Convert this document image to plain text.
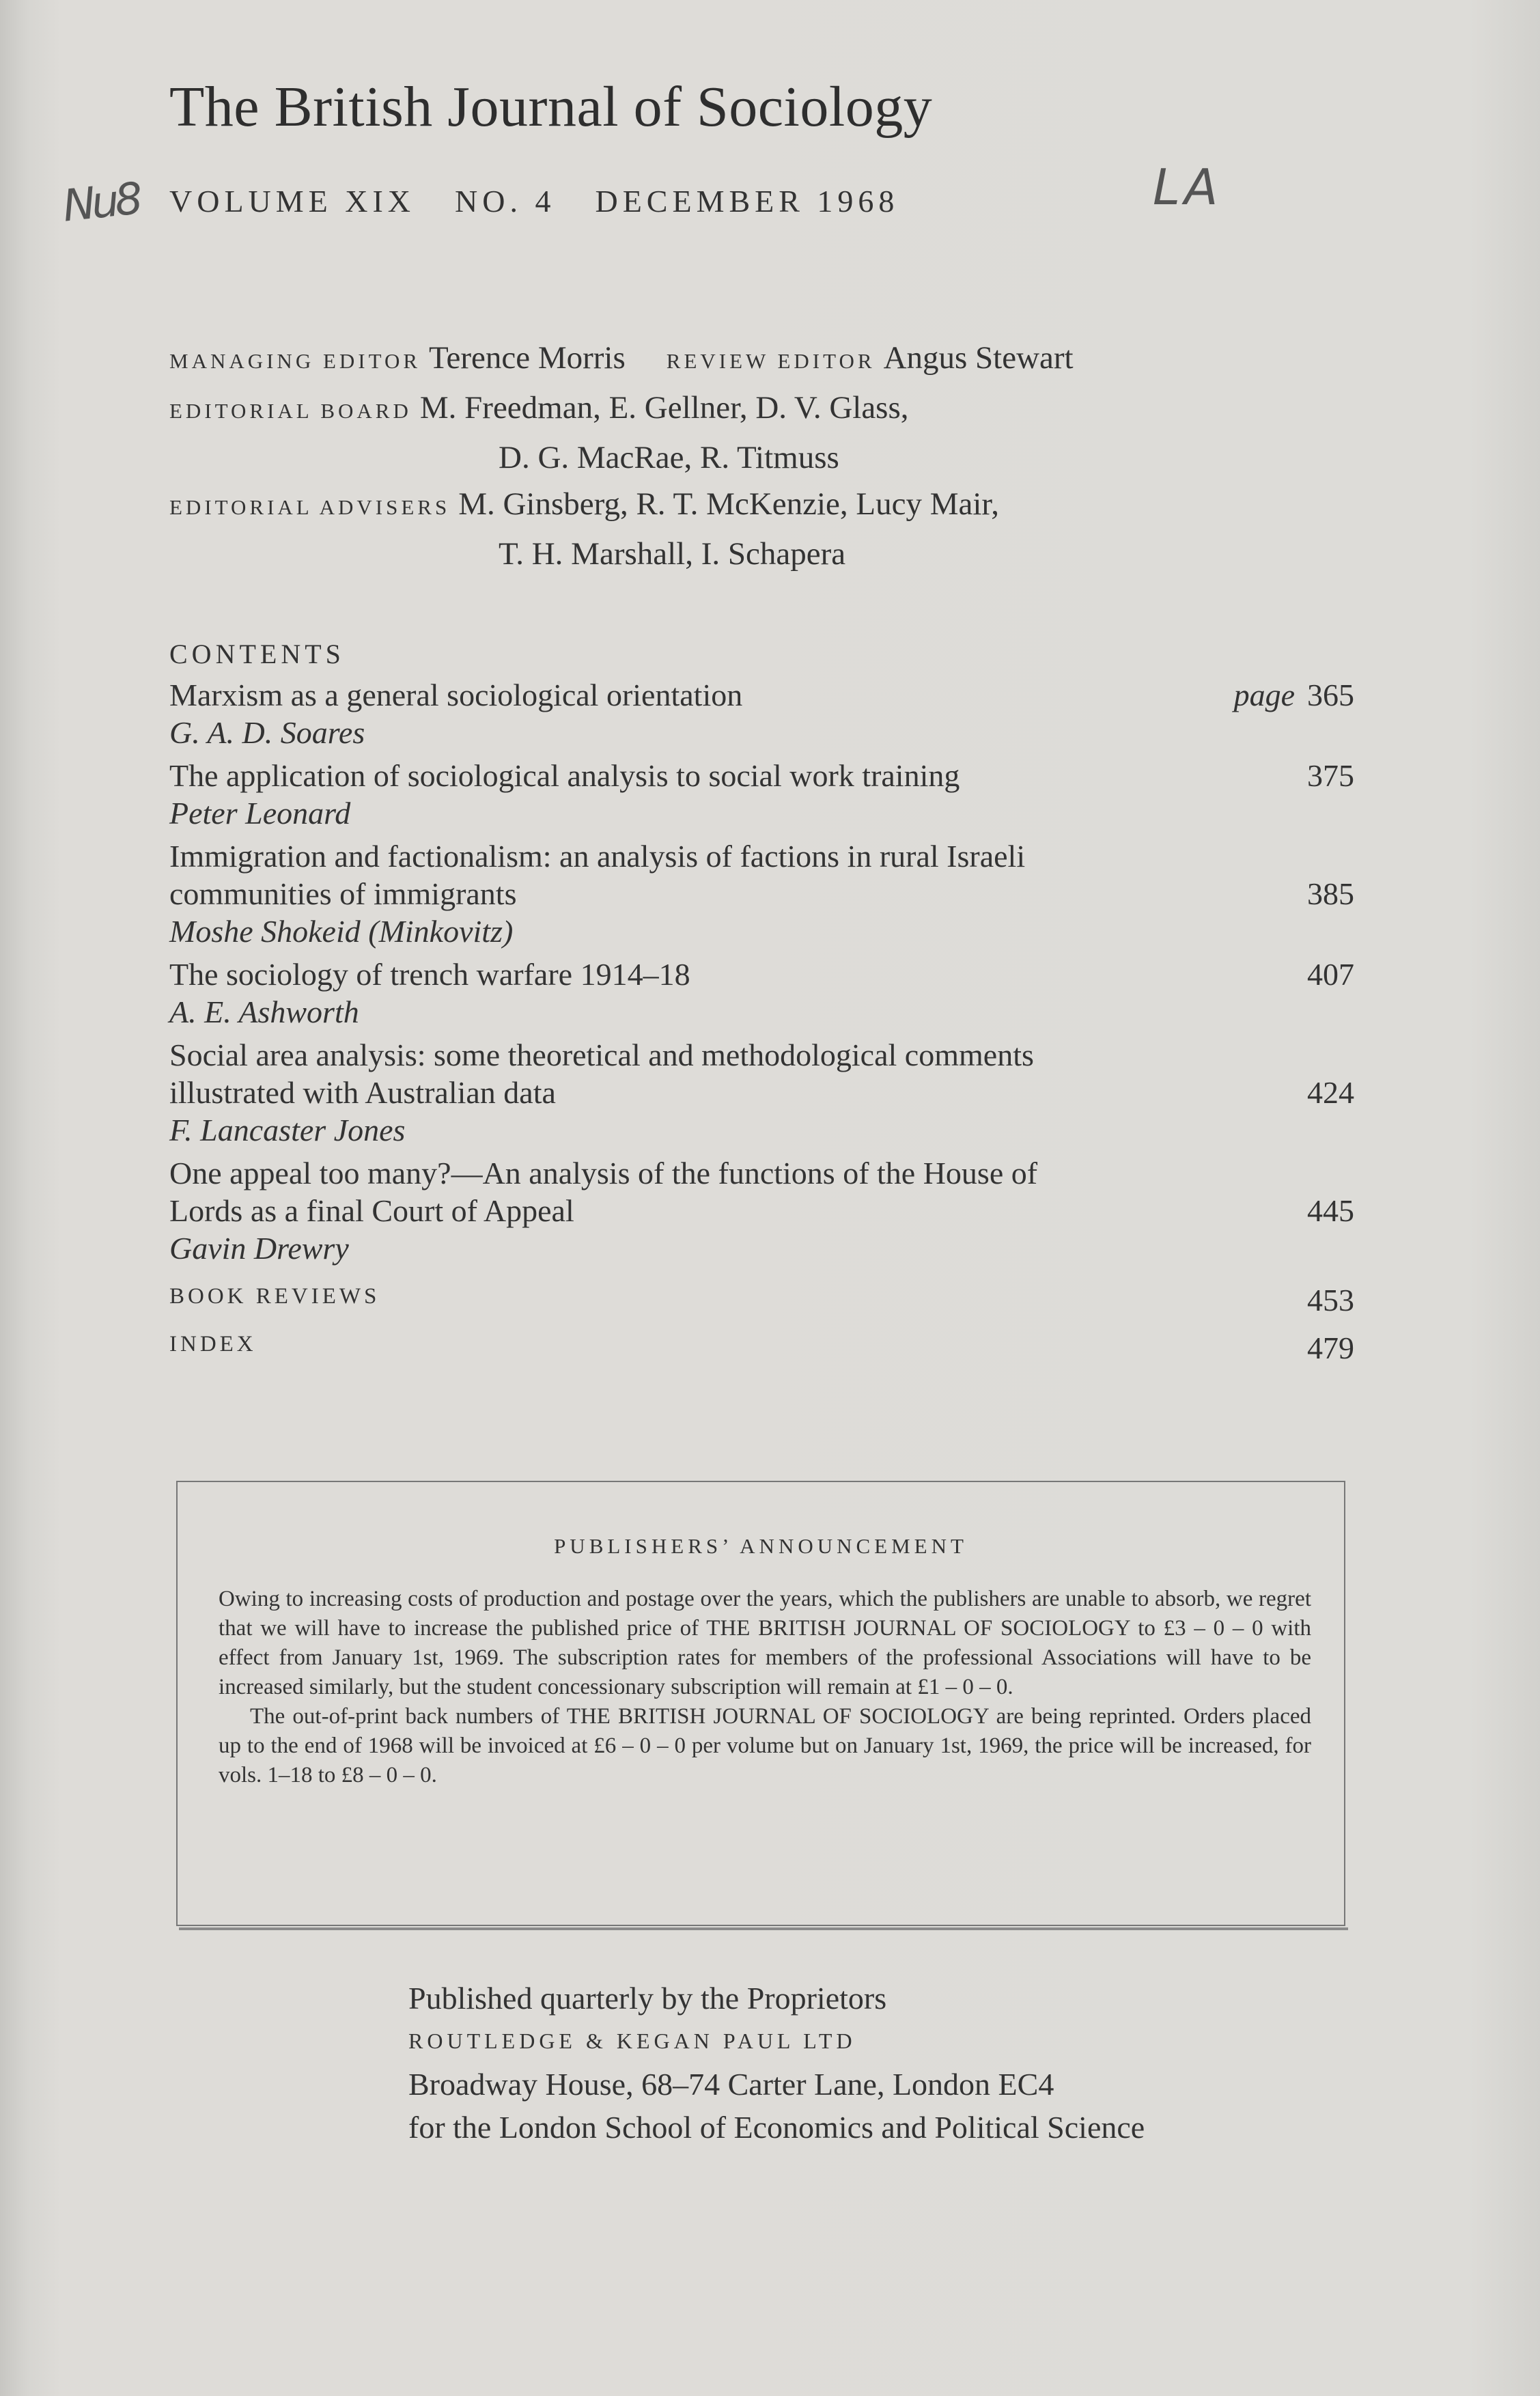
The British Journal of Sociology
Nu8	LA
VOLUME XIX NO. 4 DECEMBER 1968
MANAGING EDITOR Terence Morris REVIEW EDITOR Angus Stewart
EDITORIAL BOARD M. Freedman, E. Gellner, D. V. Glass,
D. G. MacRae, R. Titmuss
EDITORIAL ADVISERS M. Ginsberg, R. T. McKenzie, Lucy Mair,
T. H. Marshall, I. Schapera
CONTENTS
Marxism as a general sociological orientation	page 365
G. A. D. Soares
The application of sociological analysis to social work training	375
Peter Leonard
Immigration and factionalism: an analysis of factions in rural Israeli
communities of immigrants	385
Moshe Shokeid (Minkovitz)
The sociology of trench warfare 1914–18	407
A. E. Ashworth
Social area analysis: some theoretical and methodological comments
illustrated with Australian data	424
F. Lancaster Jones
One appeal too many?—An analysis of the functions of the House of
Lords as a final Court of Appeal	445
Gavin Drewry
BOOK REVIEWS	453
INDEX	479
PUBLISHERS’ ANNOUNCEMENT

Owing to increasing costs of production and postage over the years, which the publishers are unable to absorb, we regret that we will have to increase the published price of THE BRITISH JOURNAL OF SOCIOLOGY to £3 – 0 – 0 with effect from January 1st, 1969. The subscription rates for members of the professional Associations will have to be increased similarly, but the student concessionary subscription will remain at £1 – 0 – 0.

The out-of-print back numbers of THE BRITISH JOURNAL OF SOCIOLOGY are being reprinted. Orders placed up to the end of 1968 will be invoiced at £6 – 0 – 0 per volume but on January 1st, 1969, the price will be increased, for vols. 1–18 to £8 – 0 – 0.

Published quarterly by the Proprietors
ROUTLEDGE & KEGAN PAUL LTD
Broadway House, 68–74 Carter Lane, London EC4
for the London School of Economics and Political Science
